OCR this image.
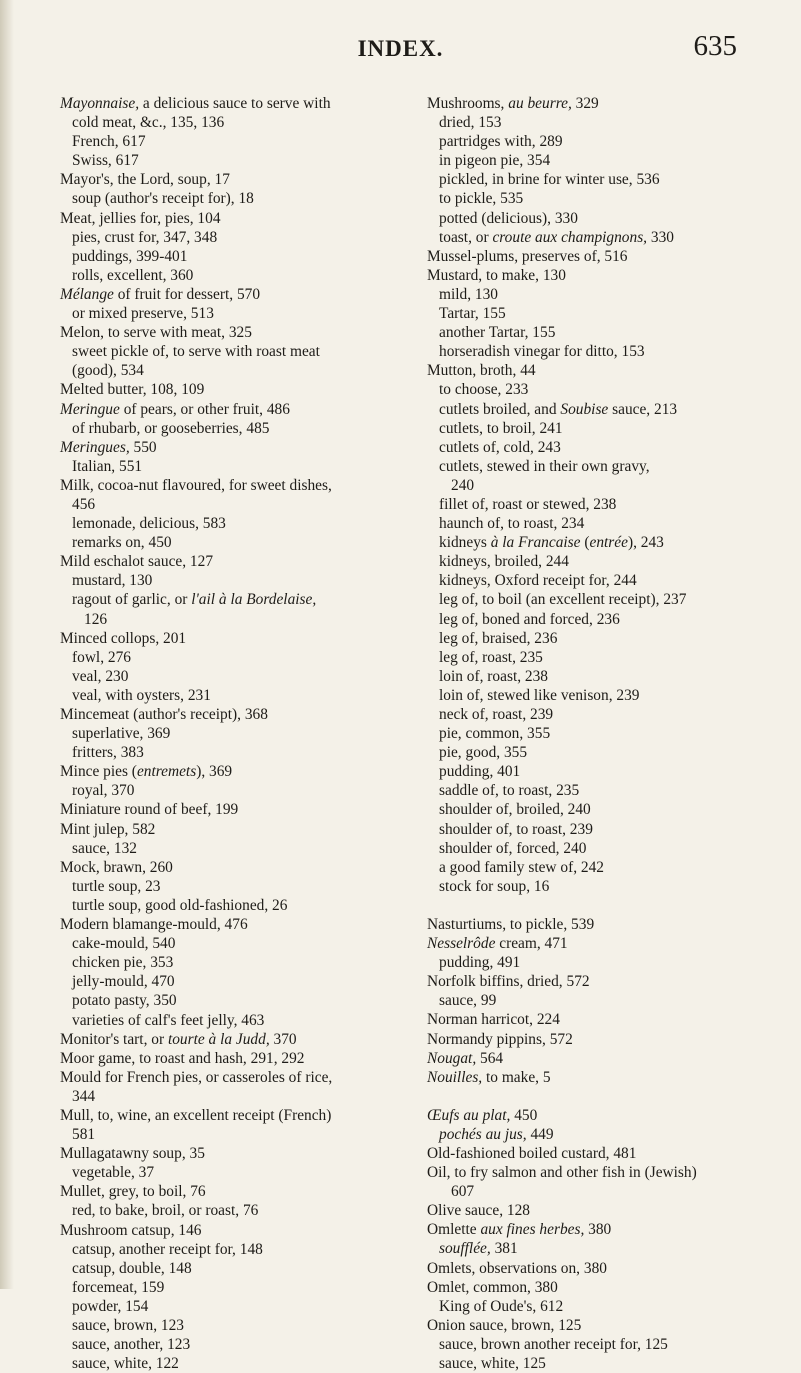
INDEX.	635
Mayonnaise, a delicious sauce to serve with
cold meat, &c., 135, 136
French, 617
Swiss, 617
Mayor's, the Lord, soup, 17
soup (author's receipt for), 18
Meat, jellies for, pies, 104
pies, crust for, 347, 348
puddings, 399-401
rolls, excellent, 360
Mélange of fruit for dessert, 570
or mixed preserve, 513
Melon, to serve with meat, 325
sweet pickle of, to serve with roast meat
(good), 534
Melted butter, 108, 109
Meringue of pears, or other fruit, 486
of rhubarb, or gooseberries, 485
Meringues, 550
Italian, 551
Milk, cocoa-nut flavoured, for sweet dishes,
456
lemonade, delicious, 583
remarks on, 450
Mild eschalot sauce, 127
mustard, 130
ragout of garlic, or l'ail à la Bordelaise,
126
Minced collops, 201
fowl, 276
veal, 230
veal, with oysters, 231
Mincemeat (author's receipt), 368
superlative, 369
fritters, 383
Mince pies (entremets), 369
royal, 370
Miniature round of beef, 199
Mint julep, 582
sauce, 132
Mock, brawn, 260
turtle soup, 23
turtle soup, good old-fashioned, 26
Modern blamange-mould, 476
cake-mould, 540
chicken pie, 353
jelly-mould, 470
potato pasty, 350
varieties of calf's feet jelly, 463
Monitor's tart, or tourte à la Judd, 370
Moor game, to roast and hash, 291, 292
Mould for French pies, or casseroles of rice,
344
Mull, to, wine, an excellent receipt (French)
581
Mullagatawny soup, 35
vegetable, 37
Mullet, grey, to boil, 76
red, to bake, broil, or roast, 76
Mushroom catsup, 146
catsup, another receipt for, 148
catsup, double, 148
forcemeat, 159
powder, 154
sauce, brown, 123
sauce, another, 123
sauce, white, 122
Mushrooms, au beurre, 329
dried, 153
partridges with, 289
in pigeon pie, 354
pickled, in brine for winter use, 536
to pickle, 535
potted (delicious), 330
toast, or croute aux champignons, 330
Mussel-plums, preserves of, 516
Mustard, to make, 130
mild, 130
Tartar, 155
another Tartar, 155
horseradish vinegar for ditto, 153
Mutton, broth, 44
to choose, 233
cutlets broiled, and Soubise sauce, 213
cutlets, to broil, 241
cutlets of, cold, 243
cutlets, stewed in their own gravy,
240
fillet of, roast or stewed, 238
haunch of, to roast, 234
kidneys à la Francaise (entrée), 243
kidneys, broiled, 244
kidneys, Oxford receipt for, 244
leg of, to boil (an excellent receipt), 237
leg of, boned and forced, 236
leg of, braised, 236
leg of, roast, 235
loin of, roast, 238
loin of, stewed like venison, 239
neck of, roast, 239
pie, common, 355
pie, good, 355
pudding, 401
saddle of, to roast, 235
shoulder of, broiled, 240
shoulder of, to roast, 239
shoulder of, forced, 240
a good family stew of, 242
stock for soup, 16
Nasturtiums, to pickle, 539
Nesselrôde cream, 471
pudding, 491
Norfolk biffins, dried, 572
sauce, 99
Norman harricot, 224
Normandy pippins, 572
Nougat, 564
Nouilles, to make, 5
Œufs au plat, 450
pochés au jus, 449
Old-fashioned boiled custard, 481
Oil, to fry salmon and other fish in (Jewish)
607
Olive sauce, 128
Omlette aux fines herbes, 380
soufflée, 381
Omlets, observations on, 380
Omlet, common, 380
King of Oude's, 612
Onion sauce, brown, 125
sauce, brown another receipt for, 125
sauce, white, 125
